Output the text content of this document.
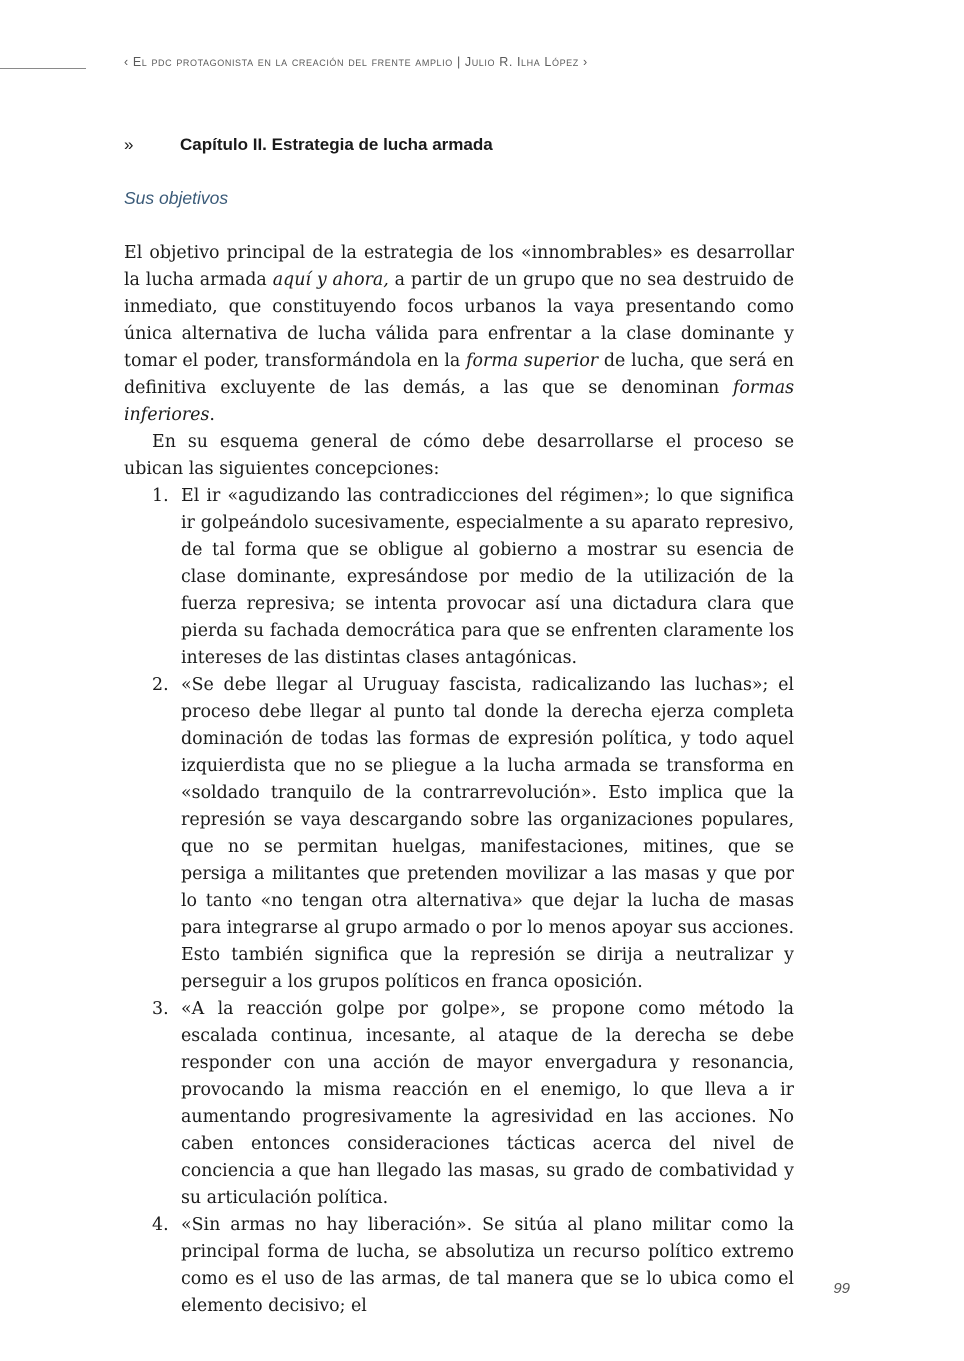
‹ El pdc protagonista en la creación del frente amplio | Julio R. Ilha López ›
»	Capítulo II. Estrategia de lucha armada
Sus objetivos

El objetivo principal de la estrategia de los «innombrables» es desarrollar la lucha armada aquí y ahora, a partir de un grupo que no sea destruido de inmediato, que constituyendo focos urbanos la vaya presentando como única alternativa de lucha válida para enfrentar a la clase dominante y tomar el poder, transformándola en la forma superior de lucha, que será en definitiva excluyente de las demás, a las que se denominan formas inferiores.

En su esquema general de cómo debe desarrollarse el proceso se ubican las siguientes concepciones:

1. El ir «agudizando las contradicciones del régimen»; lo que significa ir golpeándolo sucesivamente, especialmente a su aparato represivo, de tal forma que se obligue al gobierno a mostrar su esencia de clase dominante, expresándose por medio de la utilización de la fuerza represiva; se intenta provocar así una dictadura clara que pierda su fachada democrática para que se enfrenten claramente los intereses de las distintas clases antagónicas.
2. «Se debe llegar al Uruguay fascista, radicalizando las luchas»; el proceso debe llegar al punto tal donde la derecha ejerza completa dominación de todas las formas de expresión política, y todo aquel izquierdista que no se pliegue a la lucha armada se transforma en «soldado tranquilo de la contrarrevolución». Esto implica que la represión se vaya descargando sobre las organizaciones populares, que no se permitan huelgas, manifestaciones, mitines, que se persiga a militantes que pretenden movilizar a las masas y que por lo tanto «no tengan otra alternativa» que dejar la lucha de masas para integrarse al grupo armado o por lo menos apoyar sus acciones. Esto también significa que la represión se dirija a neutralizar y perseguir a los grupos políticos en franca oposición.
3. «A la reacción golpe por golpe», se propone como método la escalada continua, incesante, al ataque de la derecha se debe responder con una acción de mayor envergadura y resonancia, provocando la misma reacción en el enemigo, lo que lleva a ir aumentando progresivamente la agresividad en las acciones. No caben entonces consideraciones tácticas acerca del nivel de conciencia a que han llegado las masas, su grado de combatividad y su articulación política.
4. «Sin armas no hay liberación». Se sitúa al plano militar como la principal forma de lucha, se absolutiza un recurso político extremo como es el uso de las armas, de tal manera que se lo ubica como el elemento decisivo; el
99
